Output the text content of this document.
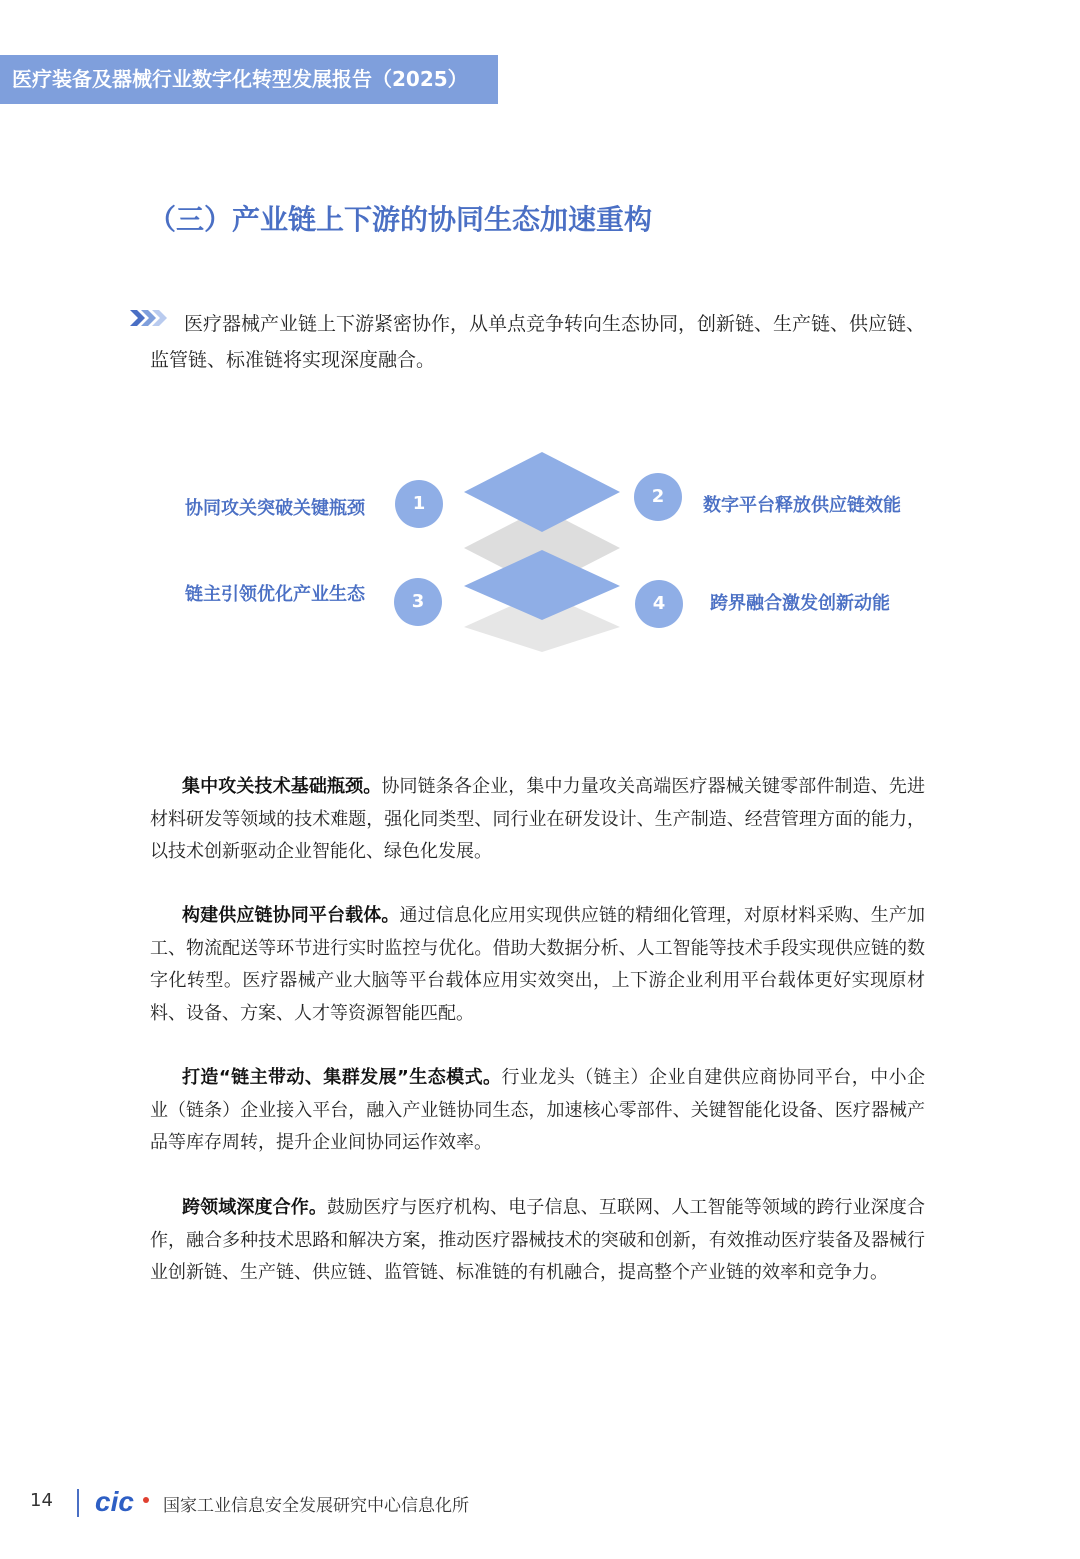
医疗装备及器械行业数字化转型发展报告（2025）
（三）产业链上下游的协同生态加速重构
医疗器械产业链上下游紧密协作，从单点竞争转向生态协同，创新链、生产链、供应链、监管链、标准链将实现深度融合。
协同攻关突破关键瓶颈	1	2	数字平台释放供应链效能
链主引领优化产业生态	3	4	跨界融合激发创新动能
集中攻关技术基础瓶颈。协同链条各企业，集中力量攻关高端医疗器械关键零部件制造、先进材料研发等领域的技术难题，强化同类型、同行业在研发设计、生产制造、经营管理方面的能力，以技术创新驱动企业智能化、绿色化发展。
构建供应链协同平台载体。通过信息化应用实现供应链的精细化管理，对原材料采购、生产加工、物流配送等环节进行实时监控与优化。借助大数据分析、人工智能等技术手段实现供应链的数字化转型。医疗器械产业大脑等平台载体应用实效突出，上下游企业利用平台载体更好实现原材料、设备、方案、人才等资源智能匹配。
打造“链主带动、集群发展”生态模式。行业龙头（链主）企业自建供应商协同平台，中小企业（链条）企业接入平台，融入产业链协同生态，加速核心零部件、关键智能化设备、医疗器械产品等库存周转，提升企业间协同运作效率。
跨领域深度合作。鼓励医疗与医疗机构、电子信息、互联网、人工智能等领域的跨行业深度合作，融合多种技术思路和解决方案，推动医疗器械技术的突破和创新，有效推动医疗装备及器械行业创新链、生产链、供应链、监管链、标准链的有机融合，提高整个产业链的效率和竞争力。
14 cic 国家工业信息安全发展研究中心信息化所
